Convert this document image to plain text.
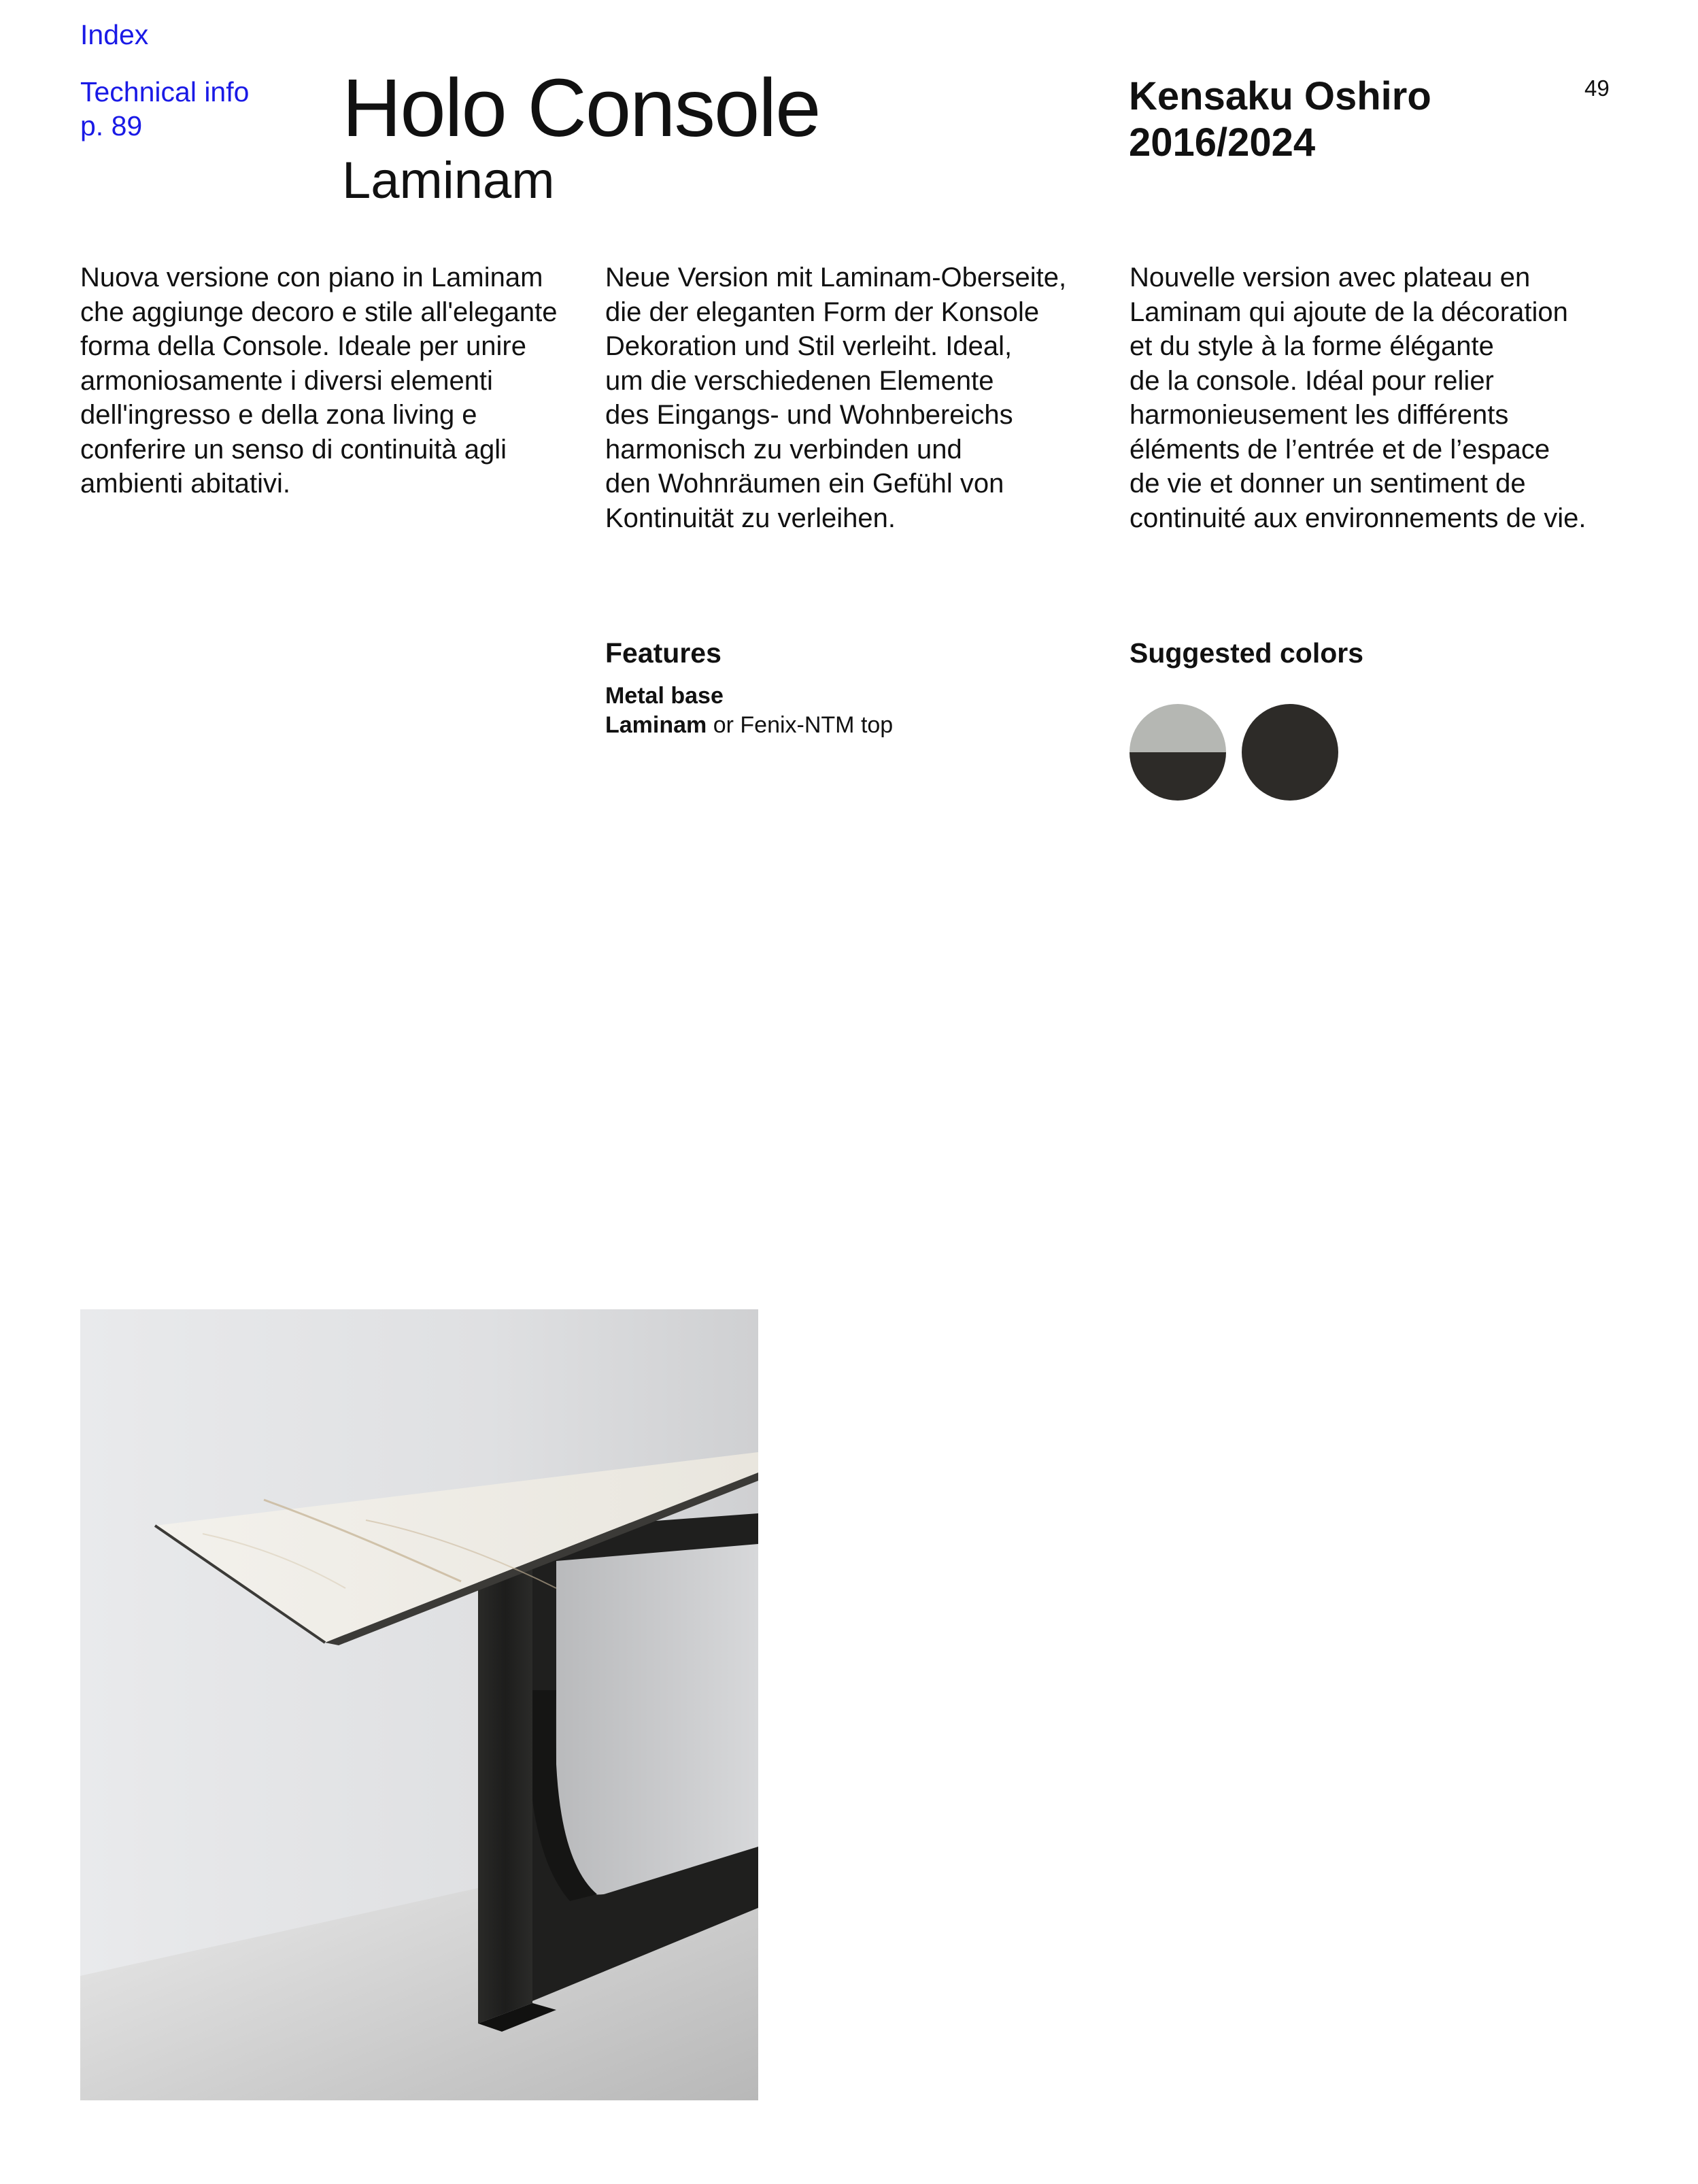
Index
Technical info
p. 89	Holo Console
Laminam
Kensaku Oshiro
2016/2024
49

Nuova versione con piano in Laminam
che aggiunge decoro e stile all'elegante
forma della Console. Ideale per unire
armoniosamente i diversi elementi
dell'ingresso e della zona living e
conferire un senso di continuità agli
ambienti abitativi.

Neue Version mit Laminam-Oberseite,
die der eleganten Form der Konsole
Dekoration und Stil verleiht. Ideal,
um die verschiedenen Elemente
des Eingangs- und Wohnbereichs
harmonisch zu verbinden und
den Wohnräumen ein Gefühl von
Kontinuität zu verleihen.

Nouvelle version avec plateau en
Laminam qui ajoute de la décoration
et du style à la forme élégante
de la console. Idéal pour relier
harmonieusement les différents
éléments de l’entrée et de l’espace
de vie et donner un sentiment de
continuité aux environnements de vie.

Features
Metal base
Laminam or Fenix-NTM top
Suggested colors
